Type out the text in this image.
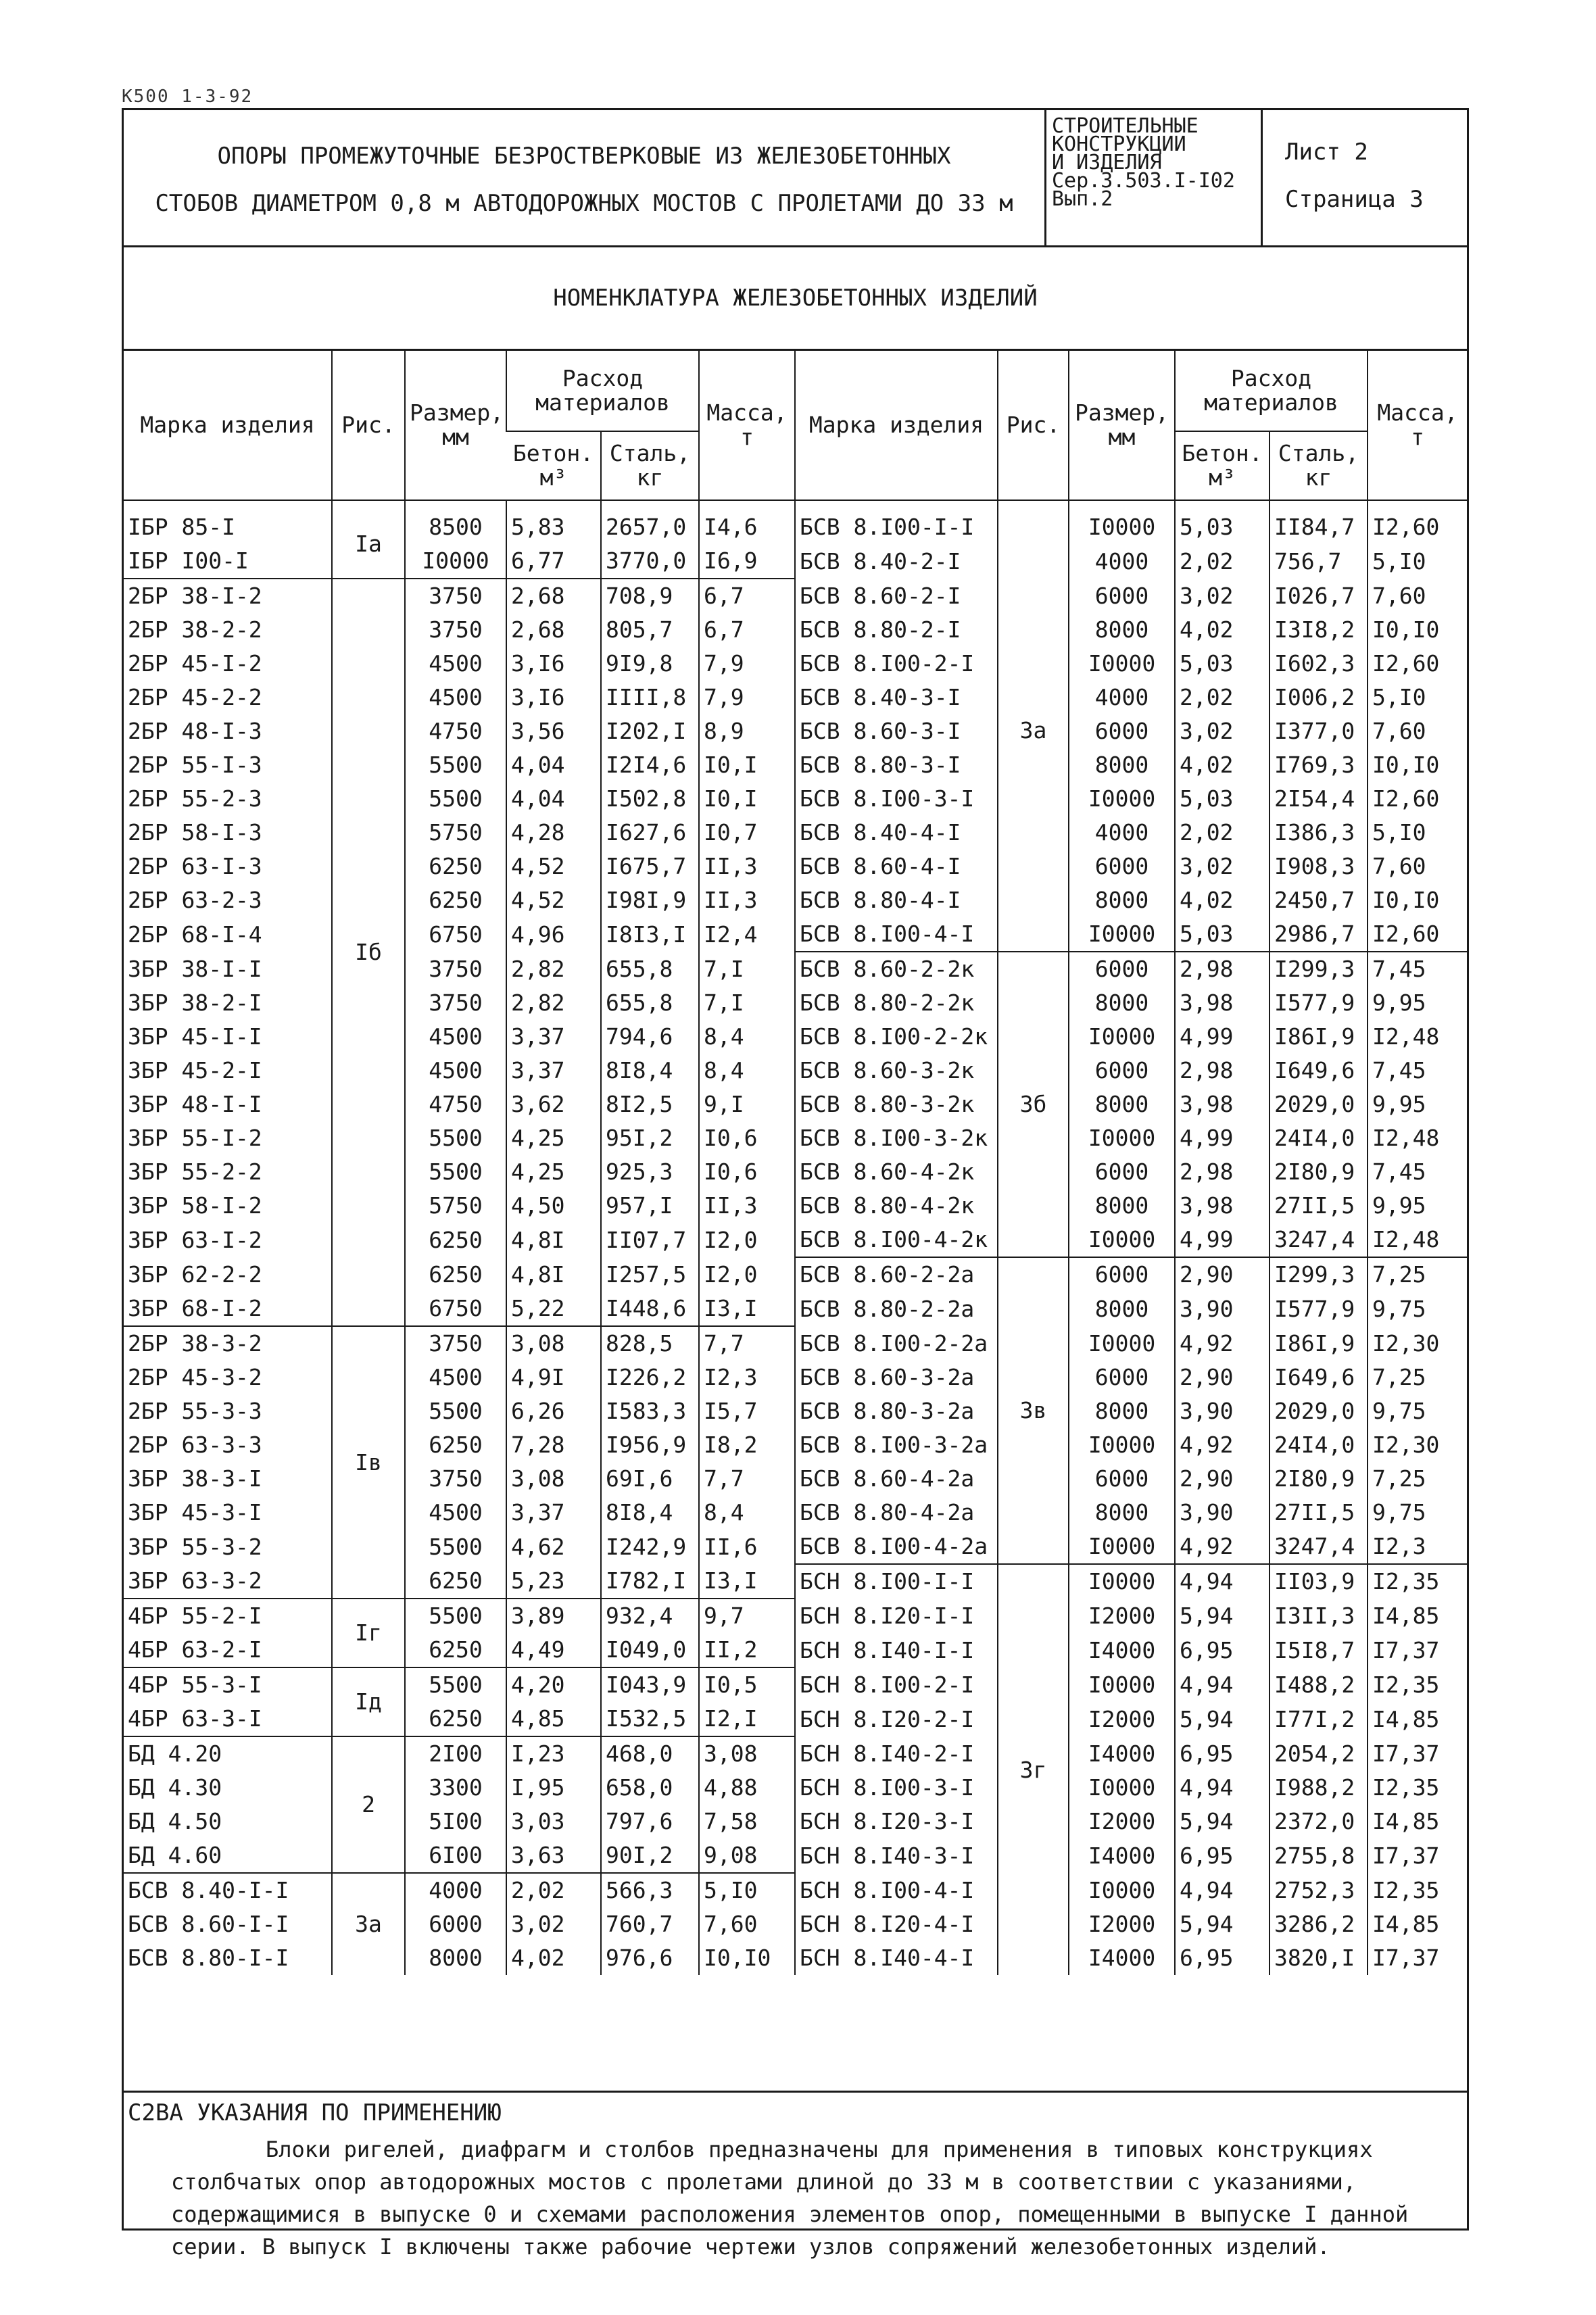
К500 1-3-92
ОПОРЫ ПРОМЕЖУТОЧНЫЕ БЕЗРОСТВЕРКОВЫЕ ИЗ ЖЕЛЕЗОБЕТОННЫХ
СТОБОВ ДИАМЕТРОМ 0,8 м АВТОДОРОЖНЫХ МОСТОВ С ПРОЛЕТАМИ ДО 33 м
СТРОИТЕЛЬНЫЕ
КОНСТРУКЦИИ
И ИЗДЕЛИЯ
Сер.3.503.I-I02
Вып.2
Лист 2
Страница 3
НОМЕНКЛАТУРА ЖЕЛЕЗОБЕТОННЫХ ИЗДЕЛИЙ
Марка изделия	Рис.	Размер, мм	Расход материалов		Масса, т	Марка изделия	Рис.	Размер, мм	Расход материалов		Масса, т
			Бетон. м³	Сталь, кг					Бетон. м³	Сталь, кг	
IБР 85-I	Iа	8500	5,83	2657,0	I4,6	БСВ 8.I00-I-I	3а	I0000	5,03	II84,7	I2,60
IБР I00-I		I0000	6,77	3770,0	I6,9	БСВ 8.40-2-I		4000	2,02	756,7	5,I0
2БР 38-I-2	Iб	3750	2,68	708,9	6,7	БСВ 8.60-2-I		6000	3,02	I026,7	7,60
2БР 38-2-2		3750	2,68	805,7	6,7	БСВ 8.80-2-I		8000	4,02	I3I8,2	I0,I0
2БР 45-I-2		4500	3,I6	9I9,8	7,9	БСВ 8.I00-2-I		I0000	5,03	I602,3	I2,60
2БР 45-2-2		4500	3,I6	IIII,8	7,9	БСВ 8.40-3-I		4000	2,02	I006,2	5,I0
2БР 48-I-3		4750	3,56	I202,I	8,9	БСВ 8.60-3-I		6000	3,02	I377,0	7,60
2БР 55-I-3		5500	4,04	I2I4,6	I0,I	БСВ 8.80-3-I		8000	4,02	I769,3	I0,I0
2БР 55-2-3		5500	4,04	I502,8	I0,I	БСВ 8.I00-3-I		I0000	5,03	2I54,4	I2,60
2БР 58-I-3		5750	4,28	I627,6	I0,7	БСВ 8.40-4-I		4000	2,02	I386,3	5,I0
2БР 63-I-3		6250	4,52	I675,7	II,3	БСВ 8.60-4-I		6000	3,02	I908,3	7,60
2БР 63-2-3		6250	4,52	I98I,9	II,3	БСВ 8.80-4-I		8000	4,02	2450,7	I0,I0
2БР 68-I-4		6750	4,96	I8I3,I	I2,4	БСВ 8.I00-4-I		I0000	5,03	2986,7	I2,60
3БР 38-I-I		3750	2,82	655,8	7,I	БСВ 8.60-2-2к	3б	6000	2,98	I299,3	7,45
3БР 38-2-I		3750	2,82	655,8	7,I	БСВ 8.80-2-2к		8000	3,98	I577,9	9,95
3БР 45-I-I		4500	3,37	794,6	8,4	БСВ 8.I00-2-2к		I0000	4,99	I86I,9	I2,48
3БР 45-2-I		4500	3,37	8I8,4	8,4	БСВ 8.60-3-2к		6000	2,98	I649,6	7,45
3БР 48-I-I		4750	3,62	8I2,5	9,I	БСВ 8.80-3-2к		8000	3,98	2029,0	9,95
3БР 55-I-2		5500	4,25	95I,2	I0,6	БСВ 8.I00-3-2к		I0000	4,99	24I4,0	I2,48
3БР 55-2-2		5500	4,25	925,3	I0,6	БСВ 8.60-4-2к		6000	2,98	2I80,9	7,45
3БР 58-I-2		5750	4,50	957,I	II,3	БСВ 8.80-4-2к		8000	3,98	27II,5	9,95
3БР 63-I-2		6250	4,8I	II07,7	I2,0	БСВ 8.I00-4-2к		I0000	4,99	3247,4	I2,48
3БР 62-2-2		6250	4,8I	I257,5	I2,0	БСВ 8.60-2-2а	3в	6000	2,90	I299,3	7,25
3БР 68-I-2		6750	5,22	I448,6	I3,I	БСВ 8.80-2-2а		8000	3,90	I577,9	9,75
2БР 38-3-2	Iв	3750	3,08	828,5	7,7	БСВ 8.I00-2-2а		I0000	4,92	I86I,9	I2,30
2БР 45-3-2		4500	4,9I	I226,2	I2,3	БСВ 8.60-3-2а		6000	2,90	I649,6	7,25
2БР 55-3-3		5500	6,26	I583,3	I5,7	БСВ 8.80-3-2а		8000	3,90	2029,0	9,75
2БР 63-3-3		6250	7,28	I956,9	I8,2	БСВ 8.I00-3-2а		I0000	4,92	24I4,0	I2,30
3БР 38-3-I		3750	3,08	69I,6	7,7	БСВ 8.60-4-2а		6000	2,90	2I80,9	7,25
3БР 45-3-I		4500	3,37	8I8,4	8,4	БСВ 8.80-4-2а		8000	3,90	27II,5	9,75
3БР 55-3-2		5500	4,62	I242,9	II,6	БСВ 8.I00-4-2а		I0000	4,92	3247,4	I2,3
3БР 63-3-2		6250	5,23	I782,I	I3,I	БСН 8.I00-I-I	3г	I0000	4,94	II03,9	I2,35
4БР 55-2-I	Iг	5500	3,89	932,4	9,7	БСН 8.I20-I-I		I2000	5,94	I3II,3	I4,85
4БР 63-2-I		6250	4,49	I049,0	II,2	БСН 8.I40-I-I		I4000	6,95	I5I8,7	I7,37
4БР 55-3-I	Iд	5500	4,20	I043,9	I0,5	БСН 8.I00-2-I		I0000	4,94	I488,2	I2,35
4БР 63-3-I		6250	4,85	I532,5	I2,I	БСН 8.I20-2-I		I2000	5,94	I77I,2	I4,85
БД 4.20	2	2I00	I,23	468,0	3,08	БСН 8.I40-2-I		I4000	6,95	2054,2	I7,37
БД 4.30		3300	I,95	658,0	4,88	БСН 8.I00-3-I		I0000	4,94	I988,2	I2,35
БД 4.50		5I00	3,03	797,6	7,58	БСН 8.I20-3-I		I2000	5,94	2372,0	I4,85
БД 4.60		6I00	3,63	90I,2	9,08	БСН 8.I40-3-I		I4000	6,95	2755,8	I7,37
БСВ 8.40-I-I	3а	4000	2,02	566,3	5,I0	БСН 8.I00-4-I		I0000	4,94	2752,3	I2,35
БСВ 8.60-I-I		6000	3,02	760,7	7,60	БСН 8.I20-4-I		I2000	5,94	3286,2	I4,85
БСВ 8.80-I-I		8000	4,02	976,6	I0,I0	БСН 8.I40-4-I		I4000	6,95	3820,I	I7,37
С2ВА УКАЗАНИЯ ПО ПРИМЕНЕНИЮ
Блоки ригелей, диафрагм и столбов предназначены для применения в типовых конструкциях столбчатых опор автодорожных мостов с пролетами длиной до 33 м в соответствии с указаниями, содержащимися в выпуске 0 и схемами расположения элементов опор, помещенными в выпуске I данной серии. В выпуск I включены также рабочие чертежи узлов сопряжений железобетонных изделий.
